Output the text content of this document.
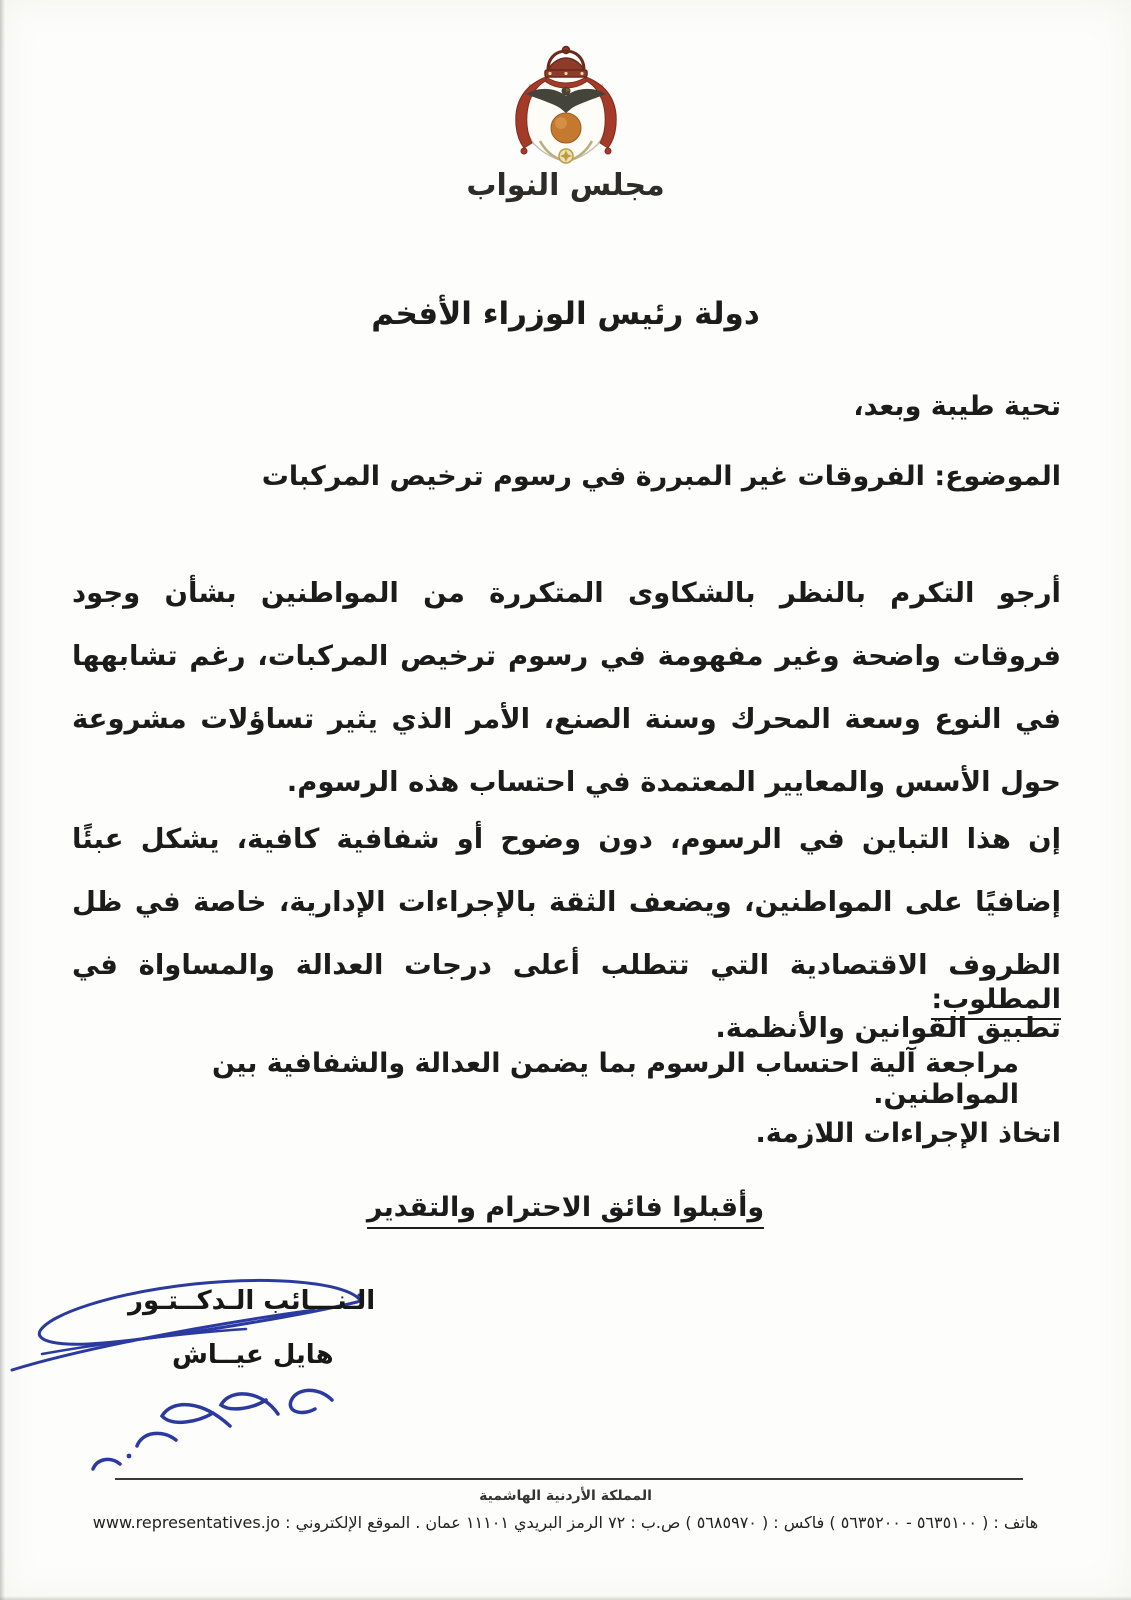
مجلس النواب
دولة رئيس الوزراء الأفخم
تحية طيبة وبعد،
الموضوع: الفروقات غير المبررة في رسوم ترخيص المركبات

أرجو التكرم بالنظر بالشكاوى المتكررة من المواطنين بشأن وجود فروقات واضحة وغير مفهومة في رسوم ترخيص المركبات، رغم تشابهها في النوع وسعة المحرك وسنة الصنع، الأمر الذي يثير تساؤلات مشروعة حول الأسس والمعايير المعتمدة في احتساب هذه الرسوم.

إن هذا التباين في الرسوم، دون وضوح أو شفافية كافية، يشكل عبئًا إضافيًا على المواطنين، ويضعف الثقة بالإجراءات الإدارية، خاصة في ظل الظروف الاقتصادية التي تتطلب أعلى درجات العدالة والمساواة في تطبيق القوانين والأنظمة.

المطلوب:
مراجعة آلية احتساب الرسوم بما يضمن العدالة والشفافية بين المواطنين.
اتخاذ الإجراءات اللازمة.
وأقبلوا فائق الاحترام والتقدير
الـنـــائب الـدكــتـور
هايل عيــاش
المملكة الأردنية الهاشمية
هاتف : ( ٥٦٣٥١٠٠ - ٥٦٣٥٢٠٠ ) فاكس : ( ٥٦٨٥٩٧٠ ) ص.ب : ٧٢ الرمز البريدي ١١١٠١ عمان . الموقع الإلكتروني : www.representatives.jo
